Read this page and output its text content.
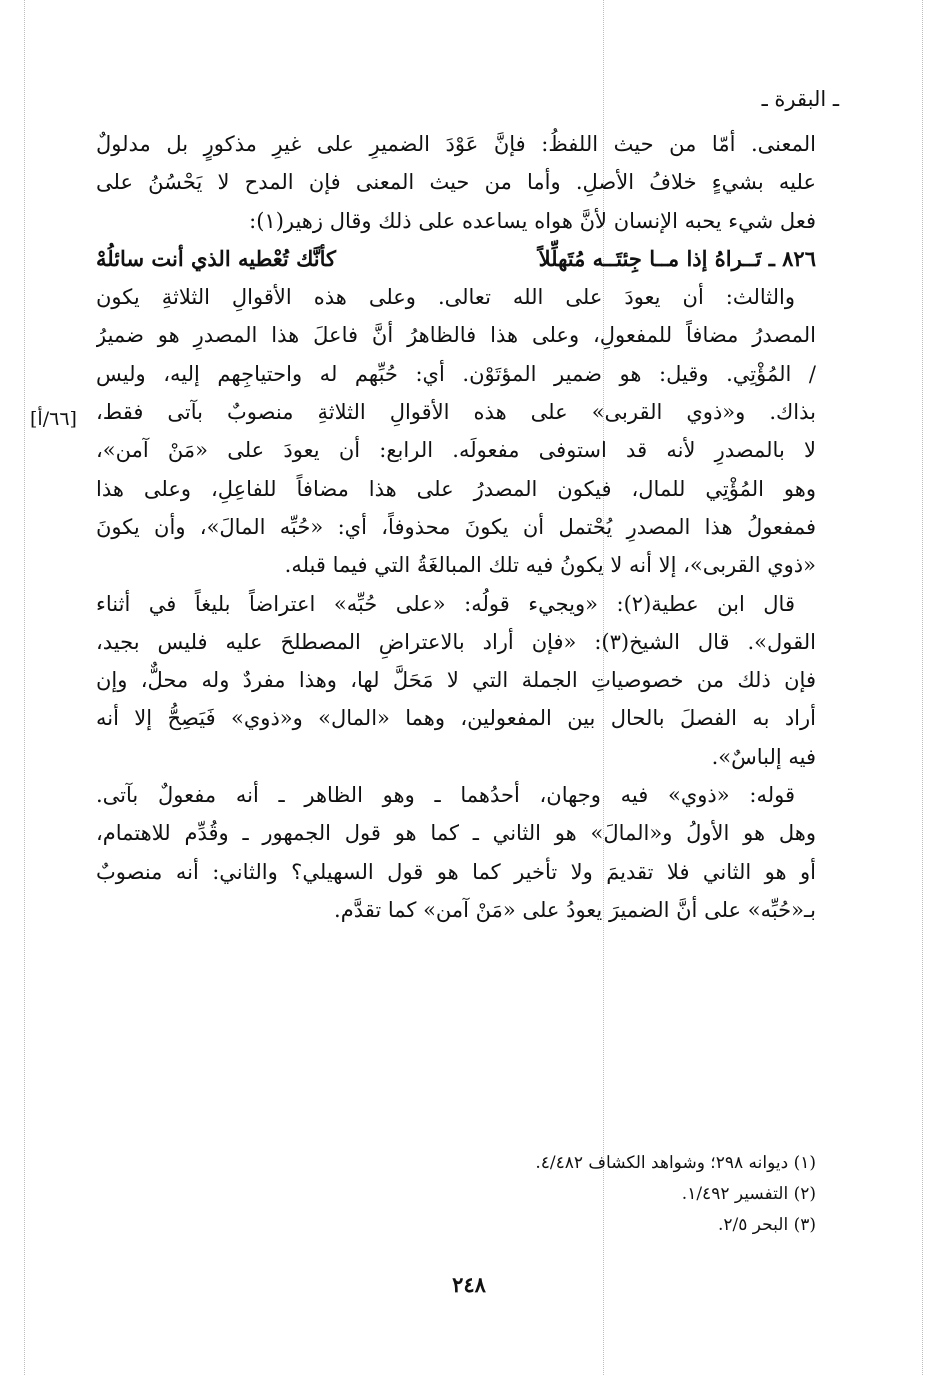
ـ البقرة ـ
[٦٦/أ]
المعنى. أمّا من حيث اللفظُ: فإنَّ عَوْدَ الضميرِ على غيرِ مذكورٍ بل مدلولٌ
عليه بشيءٍ خلافُ الأصلِ. وأما من حيث المعنى فإن المدح لا يَحْسُنُ على
فعل شيء يحبه الإنسان لأنَّ هواه يساعده على ذلك وقال زهير(١):
٨٢٦ ـ تَــراهُ إذا مــا جِئتَــه مُتَهلِّلاً
كأنَّك تُعْطيه الذي أنت سائلُهْ
والثالث: أن يعودَ على الله تعالى. وعلى هذه الأقوالِ الثلاثةِ يكون
المصدرُ مضافاً للمفعولِ، وعلى هذا فالظاهرُ أنَّ فاعلَ هذا المصدرِ هو ضميرُ
/ المُؤْتِي. وقيل: هو ضمير المؤتَوْن. أي: حُبِّهم له واحتياجِهم إليه، وليس
بذاك. و«ذوي القربى» على هذه الأقوالِ الثلاثةِ منصوبٌ بآتى فقط،
لا بالمصدرِ لأنه قد استوفى مفعولَه. الرابع: أن يعودَ على «مَنْ آمن»،
وهو المُؤْتِي للمال، فيكون المصدرُ على هذا مضافاً للفاعِلِ، وعلى هذا
فمفعولُ هذا المصدرِ يُحْتمل أن يكونَ محذوفاً، أي: «حُبِّه المالَ»، وأن يكونَ
«ذوي القربى»، إلا أنه لا يكونُ فيه تلك المبالغَةُ التي فيما قبله.
قال ابن عطية(٢): «ويجيء قولُه: «على حُبِّه» اعتراضاً بليغاً في أثناء
القول». قال الشيخ(٣): «فإن أراد بالاعتراضِ المصطلحَ عليه فليس بجيد،
فإن ذلك من خصوصياتِ الجملة التي لا مَحَلَّ لها، وهذا مفردٌ وله محلٌّ، وإن
أراد به الفصلَ بالحال بين المفعولين، وهما «المال» و«ذوي» فَيَصِحُّ إلا أنه
فيه إلباسٌ».
قوله: «ذوي» فيه وجهان، أحدُهما ـ وهو الظاهر ـ أنه مفعولٌ بآتى.
وهل هو الأولُ و«المالَ» هو الثاني ـ كما هو قول الجمهور ـ وقُدِّم للاهتمام،
أو هو الثاني فلا تقديمَ ولا تأخير كما هو قول السهيلي؟ والثاني: أنه منصوبٌ
بـ«حُبِّه» على أنَّ الضميرَ يعودُ على «مَنْ آمن» كما تقدَّم.
(١) ديوانه ٢٩٨؛ وشواهد الكشاف ٤/٤٨٢.
(٢) التفسير ١/٤٩٢.
(٣) البحر ٢/٥.
٢٤٨
